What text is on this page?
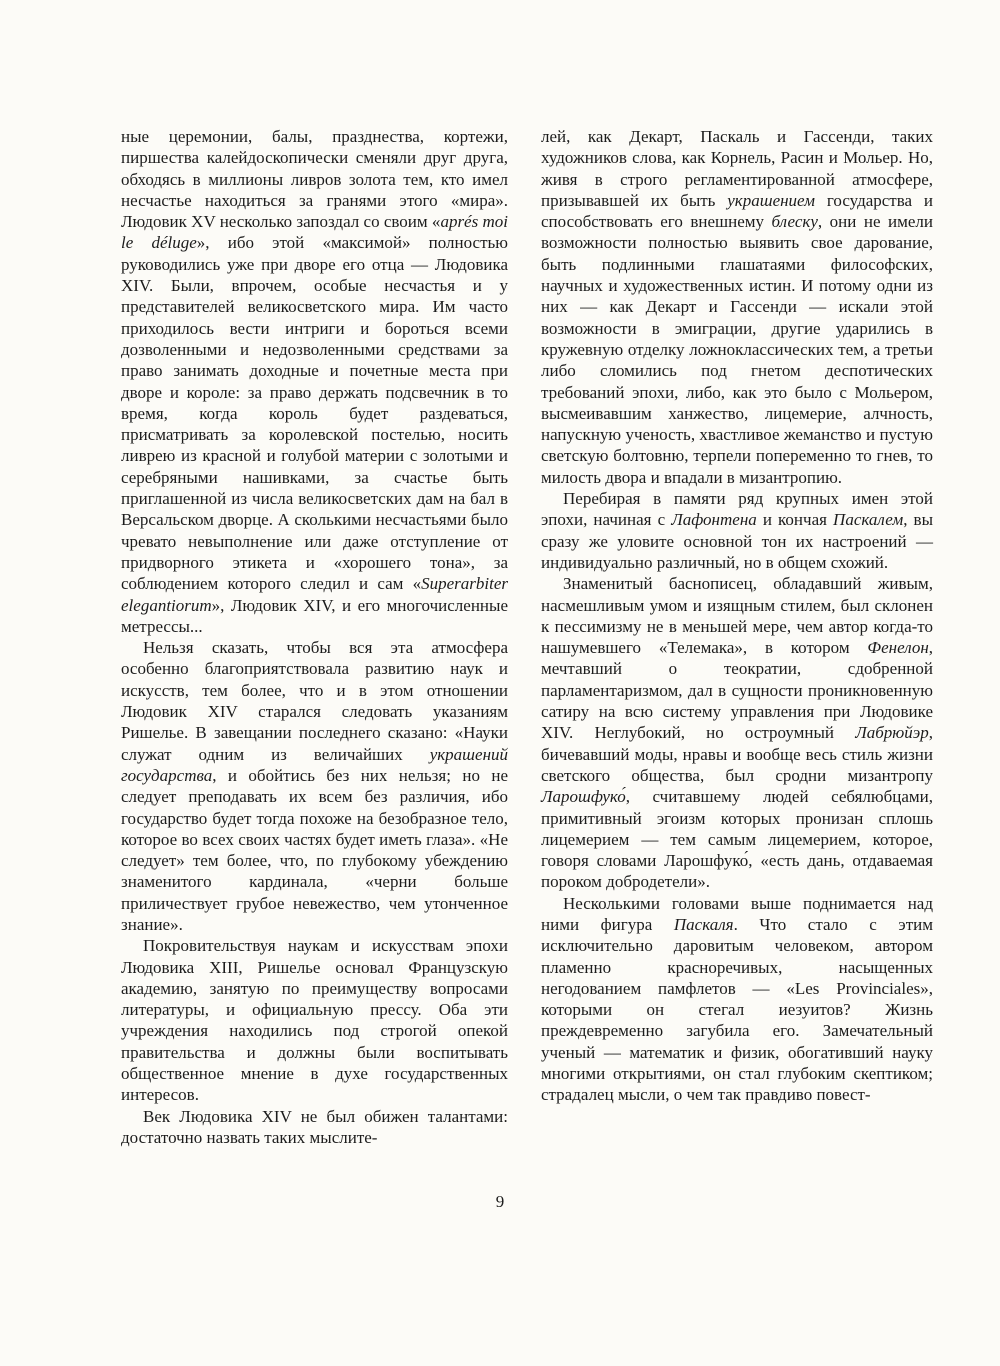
ные церемонии, балы, празднества, кортежи, пиршества калейдоскопически сменяли друг друга, обходясь в миллионы ливров золота тем, кто имел несчастье находиться за гранями этого «мира». Людовик XV несколько запоздал со своим «aprés moi le déluge», ибо этой «максимой» полностью руководились уже при дворе его отца — Людовика XIV. Были, впрочем, особые несчастья и у представителей великосветского мира. Им часто приходилось вести интриги и бороться всеми дозволенными и недозволенными средствами за право занимать доходные и почетные места при дворе и короле: за право держать подсвечник в то время, когда король будет раздеваться, присматривать за королевской постелью, носить ливрею из красной и голубой материи с золотыми и серебряными нашивками, за счастье быть приглашенной из числа великосветских дам на бал в Версальском дворце. А сколькими несчастьями было чревато невыполнение или даже отступление от придворного этикета и «хорошего тона», за соблюдением которого следил и сам «Superarbiter elegantiorum», Людовик XIV, и его многочисленные метрессы...

Нельзя сказать, чтобы вся эта атмосфера особенно благоприятствовала развитию наук и искусств, тем более, что и в этом отношении Людовик XIV старался следовать указаниям Ришелье. В завещании последнего сказано: «Науки служат одним из величайших украшений государства, и обойтись без них нельзя; но не следует преподавать их всем без различия, ибо государство будет тогда похоже на безобразное тело, которое во всех своих частях будет иметь глаза». «Не следует» тем более, что, по глубокому убеждению знаменитого кардинала, «черни больше приличествует грубое невежество, чем утонченное знание».

Покровительствуя наукам и искусствам эпохи Людовика XIII, Ришелье основал Французскую академию, занятую по преимуществу вопросами литературы, и официальную прессу. Оба эти учреждения находились под строгой опекой правительства и должны были воспитывать общественное мнение в духе государственных интересов.

Век Людовика XIV не был обижен талантами: достаточно назвать таких мыслите-

лей, как Декарт, Паскаль и Гассенди, таких художников слова, как Корнель, Расин и Мольер. Но, живя в строго регламентированной атмосфере, призывавшей их быть украшением государства и способствовать его внешнему блеску, они не имели возможности полностью выявить свое дарование, быть подлинными глашатаями философских, научных и художественных истин. И потому одни из них — как Декарт и Гассенди — искали этой возможности в эмиграции, другие ударились в кружевную отделку ложноклассических тем, а третьи либо сломились под гнетом деспотических требований эпохи, либо, как это было с Мольером, высмеивавшим ханжество, лицемерие, алчность, напускную ученость, хвастливое жеманство и пустую светскую болтовню, терпели попеременно то гнев, то милость двора и впадали в мизантропию.

Перебирая в памяти ряд крупных имен этой эпохи, начиная с Лафонтена и кончая Паскалем, вы сразу же уловите основной тон их настроений — индивидуально различный, но в общем схожий.

Знаменитый баснописец, обладавший живым, насмешливым умом и изящным стилем, был склонен к пессимизму не в меньшей мере, чем автор когда-то нашумевшего «Телемака», в котором Фенелон, мечтавший о теократии, сдобренной парламентаризмом, дал в сущности проникновенную сатиру на всю систему управления при Людовике XIV. Неглубокий, но остроумный Лабрюйэр, бичевавший моды, нравы и вообще весь стиль жизни светского общества, был сродни мизантропу Ларошфуко́, считавшему людей себялюбцами, примитивный эгоизм которых пронизан сплошь лицемерием — тем самым лицемерием, которое, говоря словами Ларошфуко́, «есть дань, отдаваемая пороком добродетели».

Несколькими головами выше поднимается над ними фигура Паскаля. Что стало с этим исключительно даровитым человеком, автором пламенно красноречивых, насыщенных негодованием памфлетов — «Les Provinciales», которыми он стегал иезуитов? Жизнь преждевременно загубила его. Замечательный ученый — математик и физик, обогативший науку многими открытиями, он стал глубоким скептиком; страдалец мысли, о чем так правдиво повест-

9
